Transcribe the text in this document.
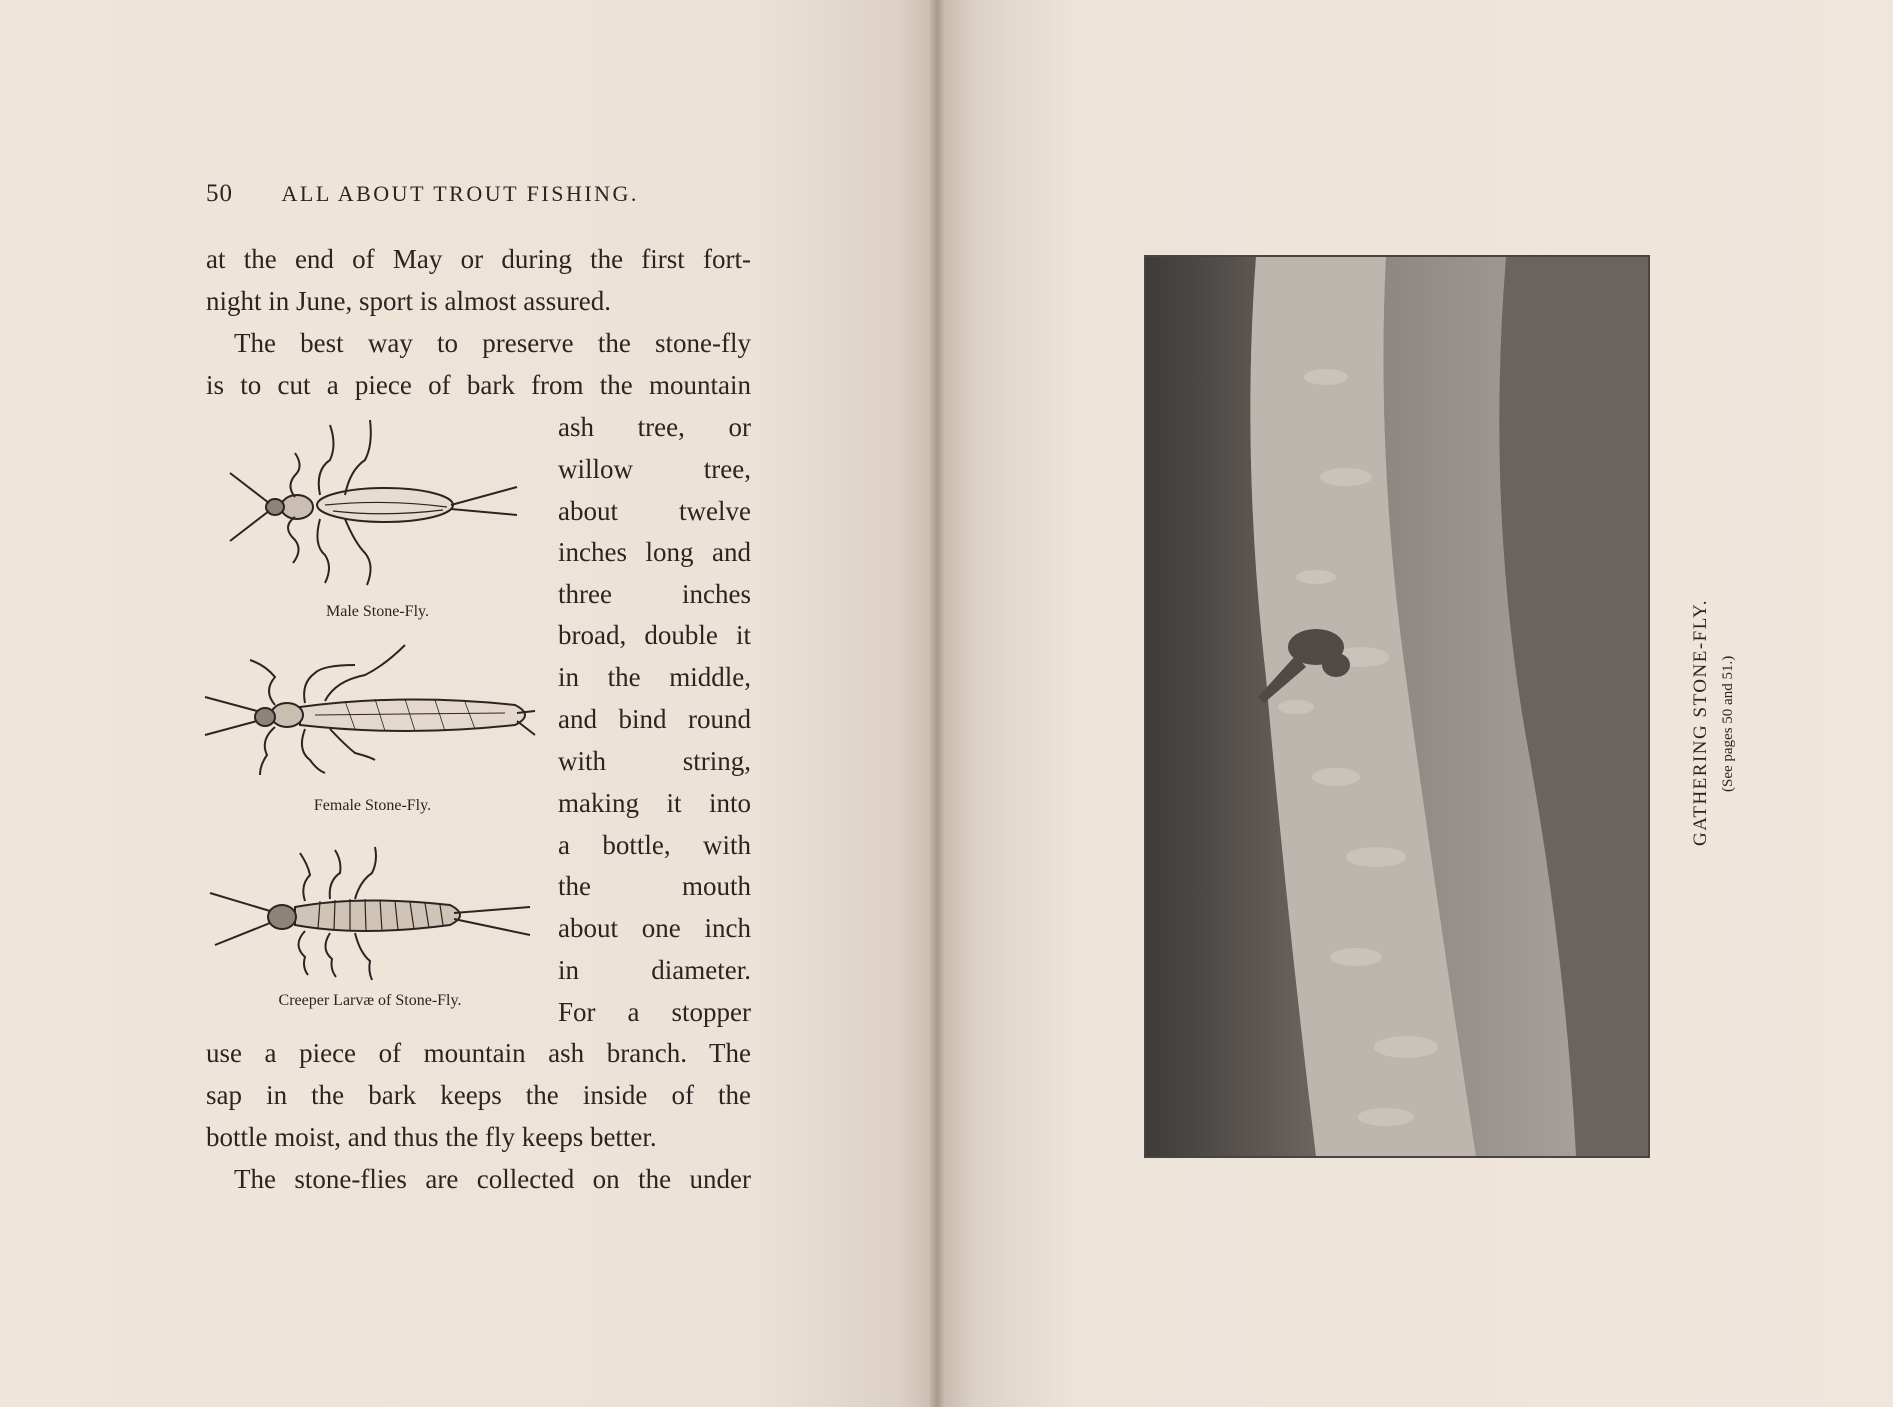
50 ALL ABOUT TROUT FISHING.
at the end of May or during the first fort-
night in June, sport is almost assured.
The best way to preserve the stone-fly
is to cut a piece of bark from the mountain
ash tree, or
willow tree,
about twelve
inches long and
three inches
broad, double it
in the middle,
and bind round
with string,
making it into
a bottle, with
the mouth
about one inch
in diameter.
For a stopper
use a piece of mountain ash branch. The
sap in the bark keeps the inside of the
bottle moist, and thus the fly keeps better.
The stone-flies are collected on the under
Male Stone-Fly.
Female Stone-Fly.
Creeper Larvæ of Stone-Fly.
GATHERING STONE-FLY. (See pages 50 and 51.)
